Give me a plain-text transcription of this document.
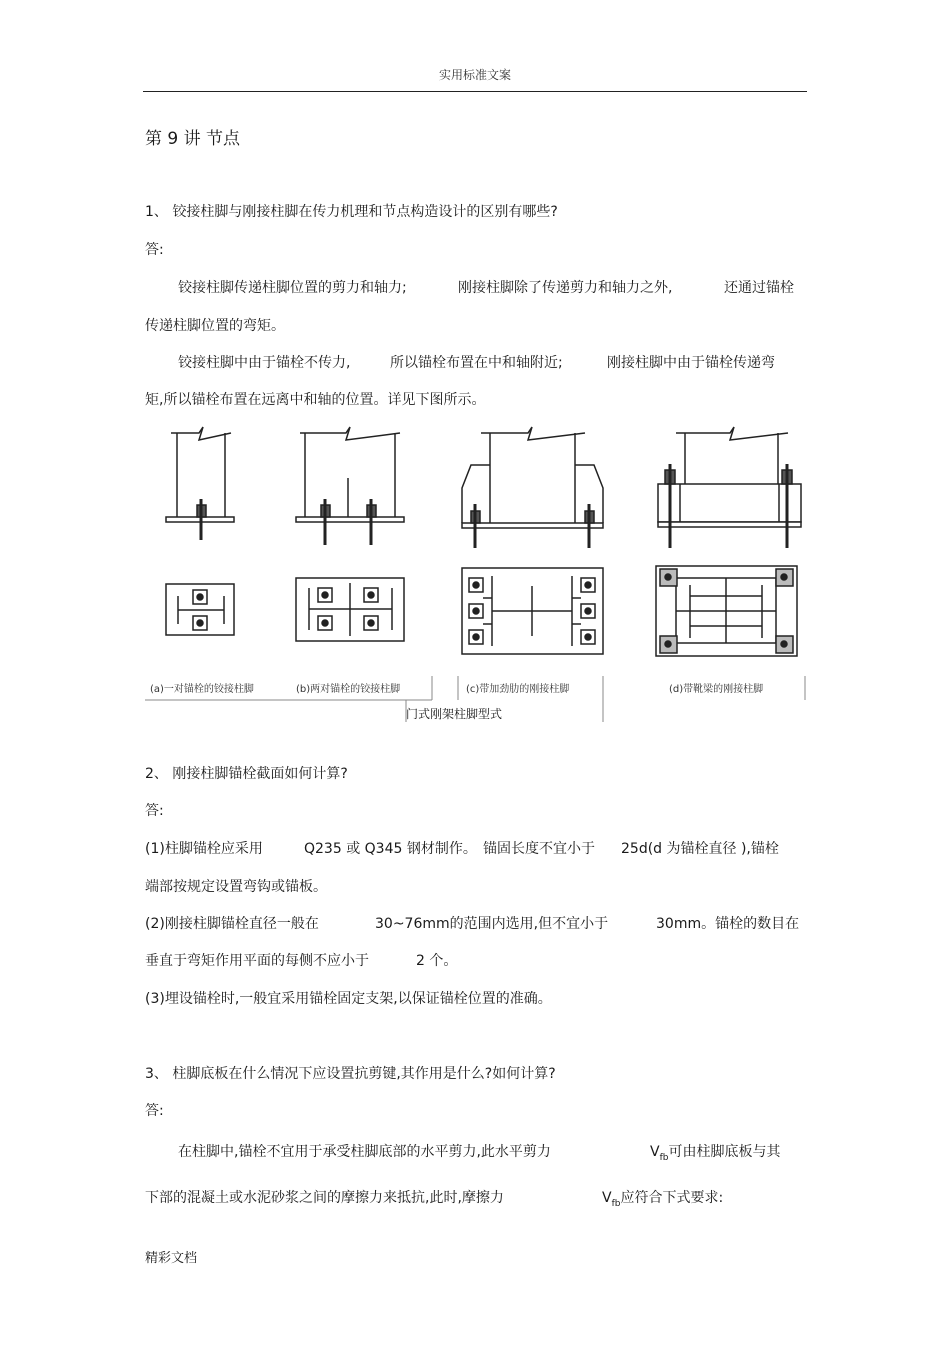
实用标准文案
第 9 讲 节点
1、 铰接柱脚与刚接柱脚在传力机理和节点构造设计的区别有哪些?
答:
铰接柱脚传递柱脚位置的剪力和轴力;	刚接柱脚除了传递剪力和轴力之外,	还通过锚栓
传递柱脚位置的弯矩。
铰接柱脚中由于锚栓不传力,	所以锚栓布置在中和轴附近;	刚接柱脚中由于锚栓传递弯
矩,所以锚栓布置在远离中和轴的位置。详见下图所示。
(a)一对锚栓的铰接柱脚	(b)两对锚栓的铰接柱脚	(c)带加劲肋的刚接柱脚	(d)带靴梁的刚接柱脚
门式刚架柱脚型式
2、 刚接柱脚锚栓截面如何计算?
答:
(1)柱脚锚栓应采用	Q235 或 Q345 钢材制作。 锚固长度不宜小于 25d(d 为锚栓直径 ),锚栓
端部按规定设置弯钩或锚板。
(2)刚接柱脚锚栓直径一般在	30~76mm的范围内选用,但不宜小于	30mm。锚栓的数目在
垂直于弯矩作用平面的每侧不应小于	2 个。
(3)埋设锚栓时,一般宜采用锚栓固定支架,以保证锚栓位置的准确。
3、 柱脚底板在什么情况下应设置抗剪键,其作用是什么?如何计算?
答:
在柱脚中,锚栓不宜用于承受柱脚底部的水平剪力,此水平剪力	$V_{fb}$可由柱脚底板与其
下部的混凝土或水泥砂浆之间的摩擦力来抵抗,此时,摩擦力	$V_{fb}$应符合下式要求:
精彩文档
